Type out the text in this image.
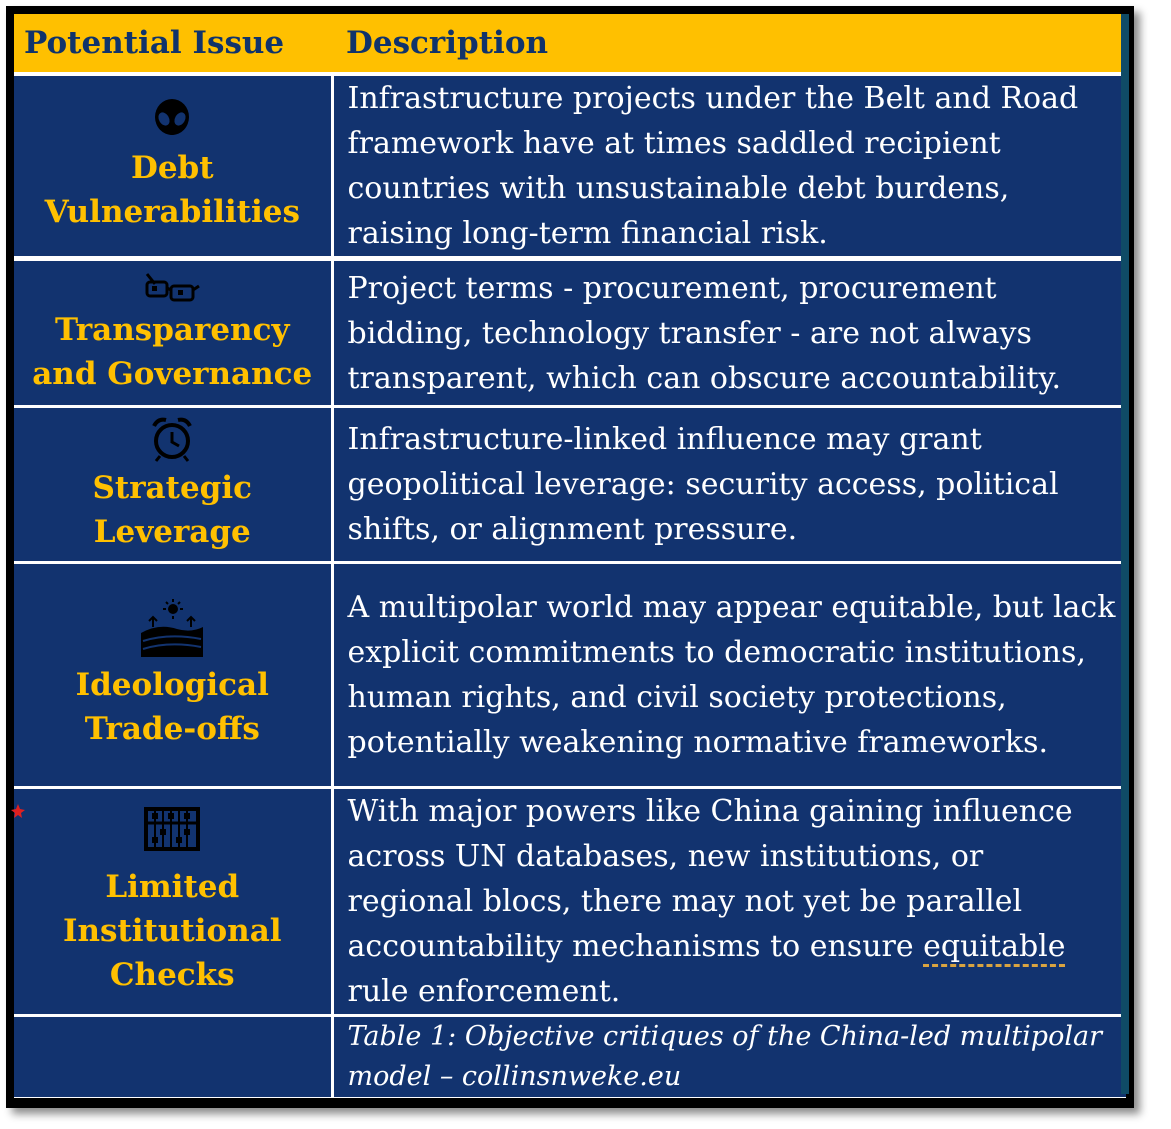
Potential Issue	Description

Debt
Vulnerabilities	Infrastructure projects under the Belt and Road framework have at times saddled recipient countries with unsustainable debt burdens, raising long-term financial risk.

Transparency
and Governance	Project terms - procurement, procurement bidding, technology transfer - are not always transparent, which can obscure accountability.

Strategic
Leverage	Infrastructure-linked influence may grant geopolitical leverage: security access, political shifts, or alignment pressure.

Ideological
Trade-offs	A multipolar world may appear equitable, but lack explicit commitments to democratic institutions, human rights, and civil society protections, potentially weakening normative frameworks.

Limited
Institutional
Checks	With major powers like China gaining influence across UN databases, new institutions, or regional blocs, there may not yet be parallel accountability mechanisms to ensure equitable rule enforcement.
	Table 1: Objective critiques of the China-led multipolar model – collinsnweke.eu
